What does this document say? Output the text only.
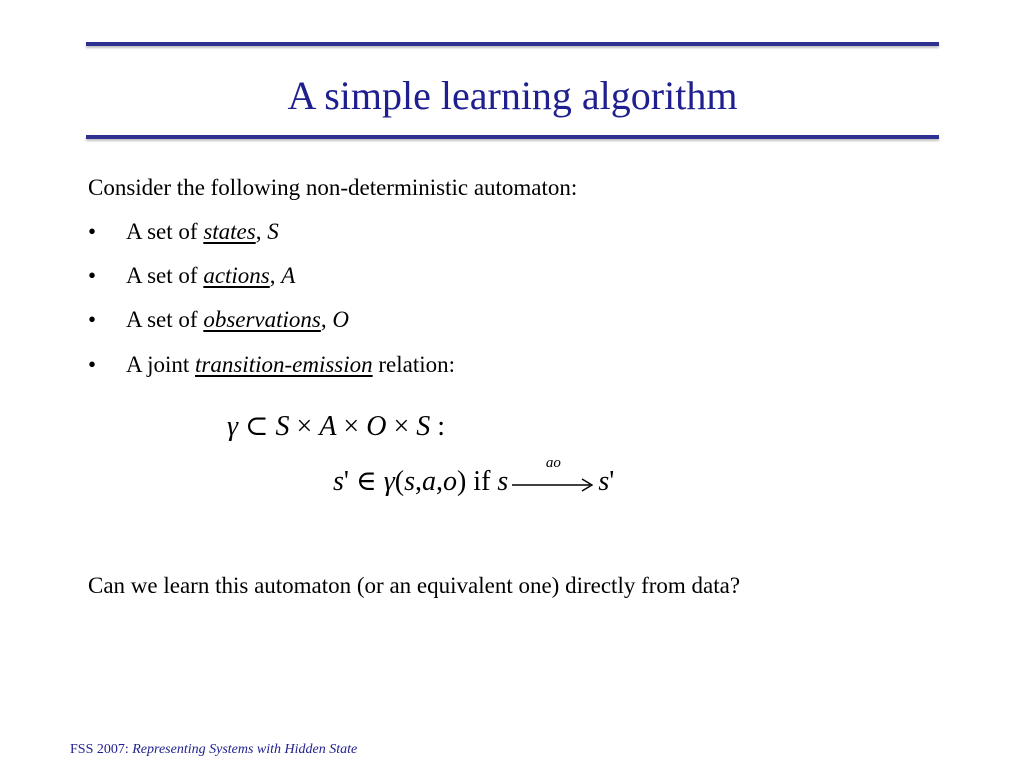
A simple learning algorithm
Consider the following non-deterministic automaton:
• A set of states, S
• A set of actions, A
• A set of observations, O
• A joint transition-emission relation:
γ ⊂ S × A × O × S :
s' ∈ γ(s,a,o) if s
ao
s'
Can we learn this automaton (or an equivalent one) directly from data?
FSS 2007: Representing Systems with Hidden State
